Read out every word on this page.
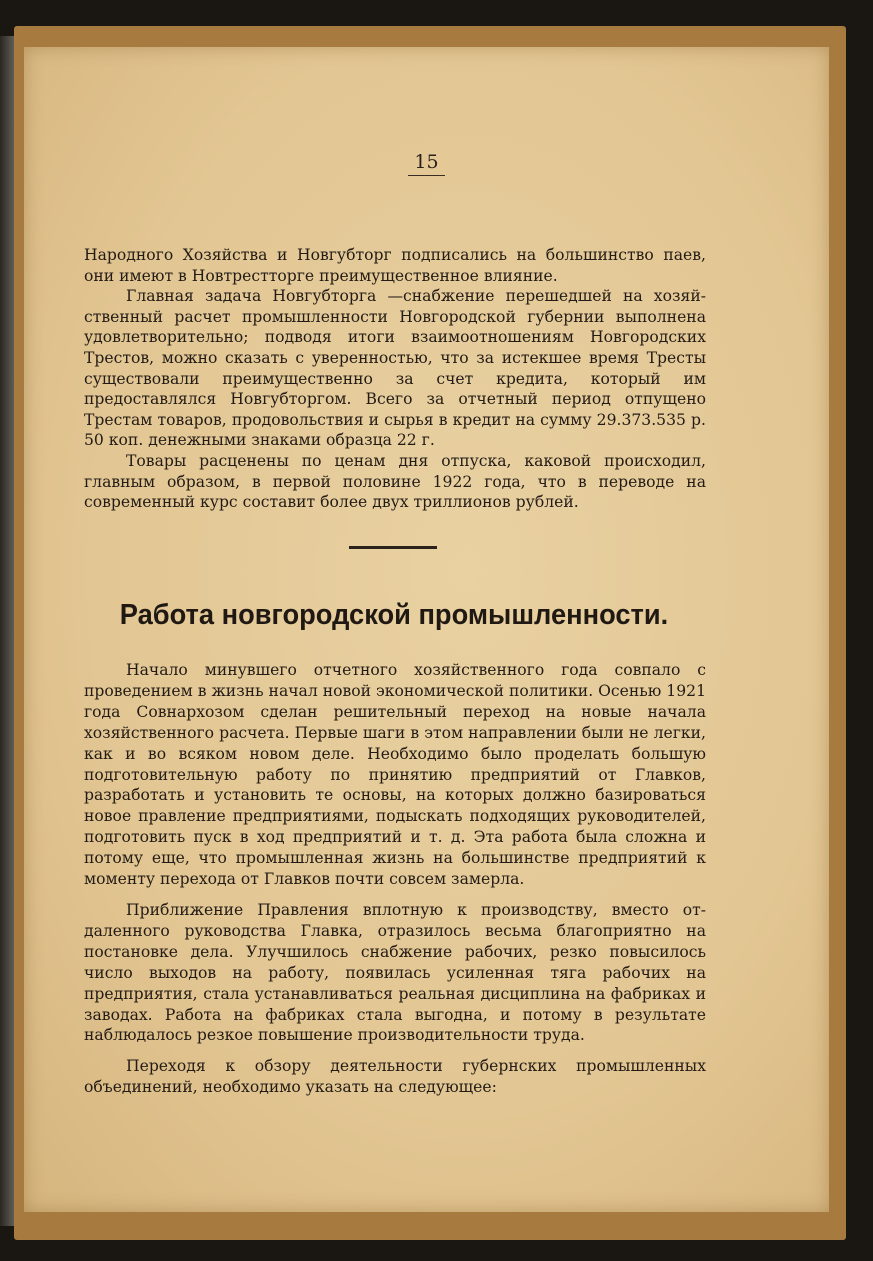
15

Народного Хозяйства и Новгубторг подписались на большинство паев, они имеют в Новтрестторге преимущественное влияние.

Главная задача Новгубторга —снабжение перешедшей на хозяйственный расчет промышленности Новгородской губернии выполнена удовлетворительно; подводя итоги взаимоотношениям Новгородских Трестов, можно сказать с уверенностью, что за истекшее время Тресты существовали преимущественно за счет кредита, который им предоставлялся Новгубторгом. Всего за отчетный период отпущено Трестам товаров, продовольствия и сырья в кредит на сумму 29.373.535 р. 50 коп. денежными знаками образца 22 г.

Товары расценены по ценам дня отпуска, каковой происходил, главным образом, в первой половине 1922 года, что в переводе на современный курс составит более двух триллионов рублей.

Работа новгородской промышленности.

Начало минувшего отчетного хозяйственного года совпало с проведением в жизнь начал новой экономической политики. Осенью 1921 года Совнархозом сделан решительный переход на новые начала хозяйственного расчета. Первые шаги в этом направлении были не легки, как и во всяком новом деле. Необходимо было проделать большую подготовительную работу по принятию предприятий от Главков, разработать и установить те основы, на которых должно базироваться новое правление предприятиями, подыскать подходящих руководителей, подготовить пуск в ход предприятий и т. д. Эта работа была сложна и потому еще, что промышленная жизнь на большинстве предприятий к моменту перехода от Главков почти совсем замерла.

Приближение Правления вплотную к производству, вместо отдаленного руководства Главка, отразилось весьма благоприятно на постановке дела. Улучшилось снабжение рабочих, резко повысилось число выходов на работу, появилась усиленная тяга рабочих на предприятия, стала устанавливаться реальная дисциплина на фабриках и заводах. Работа на фабриках стала выгодна, и потому в результате наблюдалось резкое повышение производительности труда.

Переходя к обзору деятельности губернских промышленных объединений, необходимо указать на следующее:
